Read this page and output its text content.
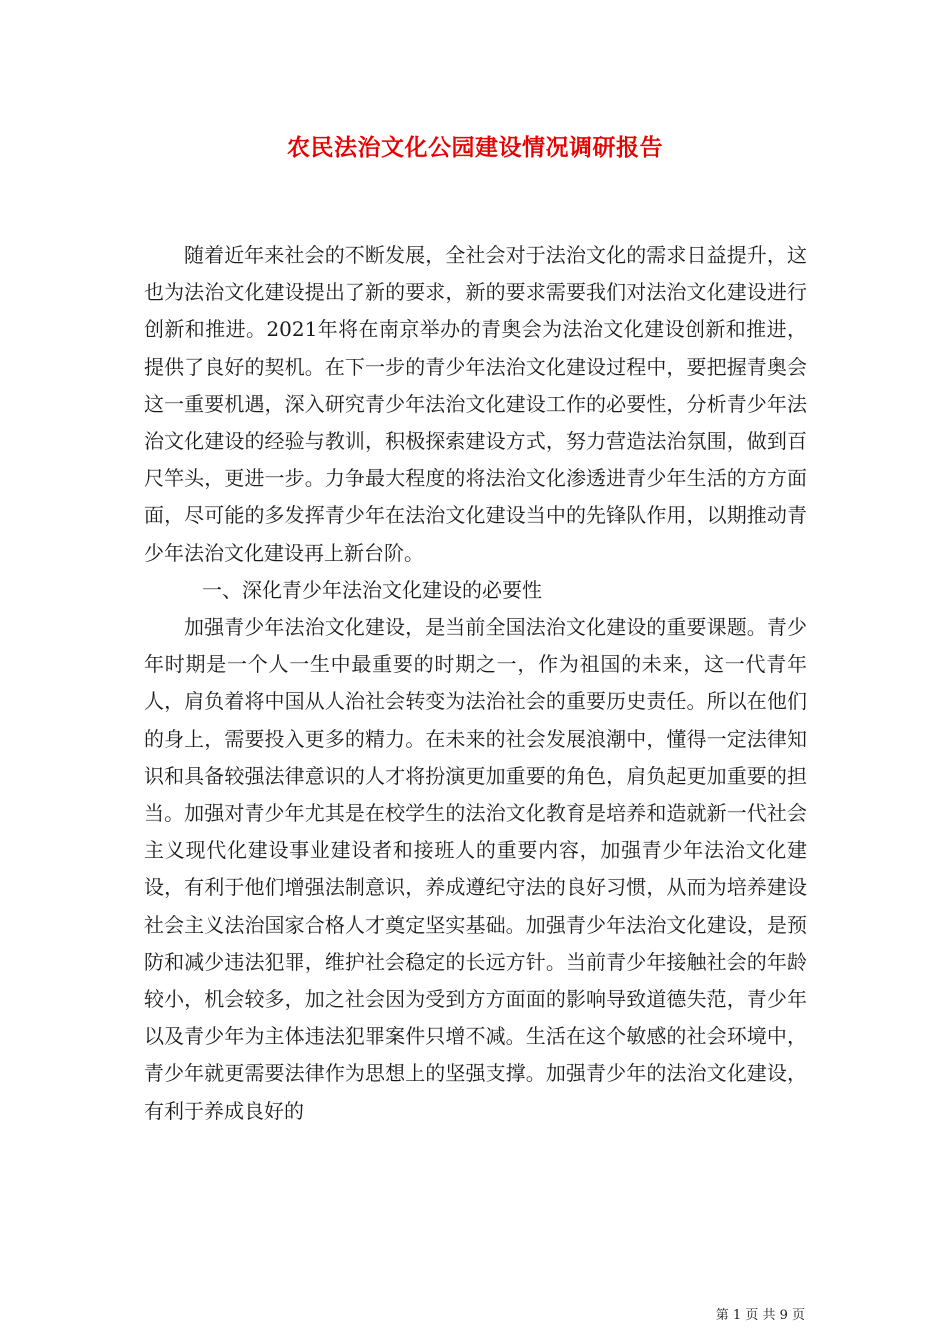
农民法治文化公园建设情况调研报告

随着近年来社会的不断发展，全社会对于法治文化的需求日益提升，这也为法治文化建设提出了新的要求，新的要求需要我们对法治文化建设进行创新和推进。2021年将在南京举办的青奥会为法治文化建设创新和推进，提供了良好的契机。在下一步的青少年法治文化建设过程中，要把握青奥会这一重要机遇，深入研究青少年法治文化建设工作的必要性，分析青少年法治文化建设的经验与教训，积极探索建设方式，努力营造法治氛围，做到百尺竿头，更进一步。力争最大程度的将法治文化渗透进青少年生活的方方面面，尽可能的多发挥青少年在法治文化建设当中的先锋队作用，以期推动青少年法治文化建设再上新台阶。

一、深化青少年法治文化建设的必要性

加强青少年法治文化建设，是当前全国法治文化建设的重要课题。青少年时期是一个人一生中最重要的时期之一，作为祖国的未来，这一代青年人，肩负着将中国从人治社会转变为法治社会的重要历史责任。所以在他们的身上，需要投入更多的精力。在未来的社会发展浪潮中，懂得一定法律知识和具备较强法律意识的人才将扮演更加重要的角色，肩负起更加重要的担当。加强对青少年尤其是在校学生的法治文化教育是培养和造就新一代社会主义现代化建设事业建设者和接班人的重要内容，加强青少年法治文化建设，有利于他们增强法制意识，养成遵纪守法的良好习惯，从而为培养建设社会主义法治国家合格人才奠定坚实基础。加强青少年法治文化建设，是预防和减少违法犯罪，维护社会稳定的长远方针。当前青少年接触社会的年龄较小，机会较多，加之社会因为受到方方面面的影响导致道德失范，青少年以及青少年为主体违法犯罪案件只增不减。生活在这个敏感的社会环境中，青少年就更需要法律作为思想上的坚强支撑。加强青少年的法治文化建设，有利于养成良好的

第 1 页 共 9 页
